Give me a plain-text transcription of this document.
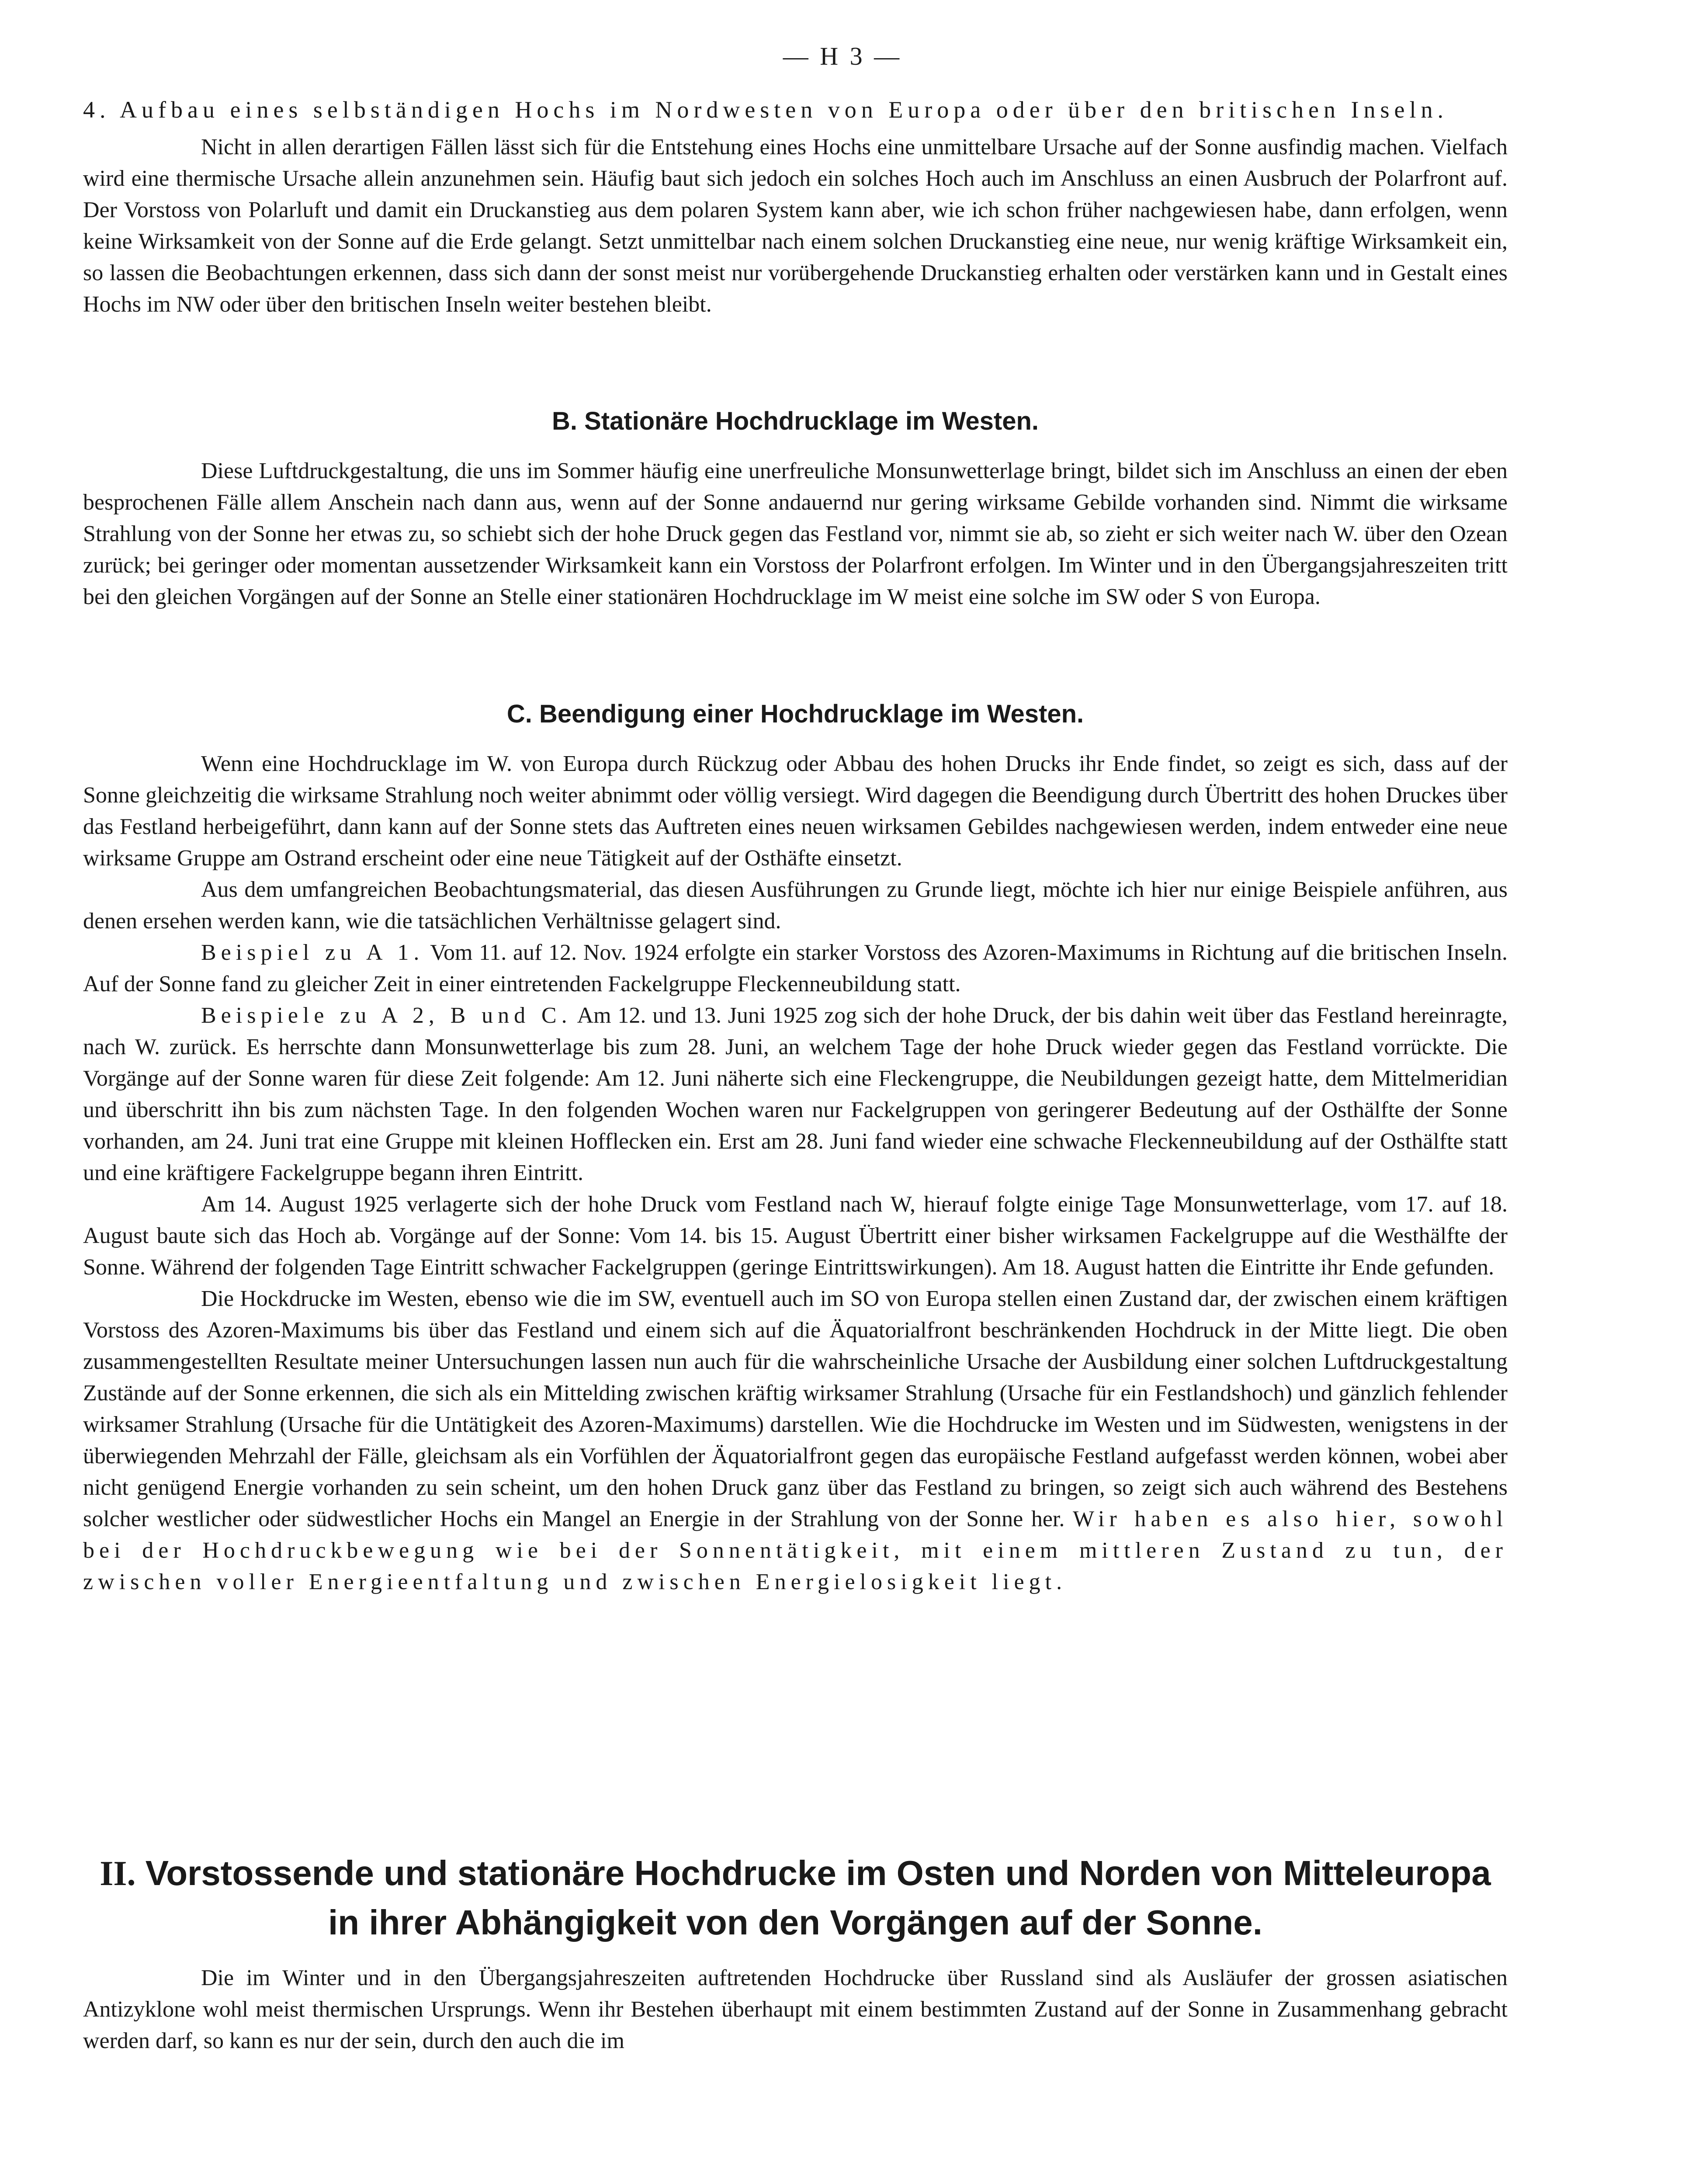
— H 3 —

4. Aufbau eines selbständigen Hochs im Nordwesten von Europa oder über den britischen Inseln.

Nicht in allen derartigen Fällen lässt sich für die Entstehung eines Hochs eine unmittelbare Ursache auf der Sonne ausfindig machen. Vielfach wird eine thermische Ursache allein anzunehmen sein. Häufig baut sich jedoch ein solches Hoch auch im Anschluss an einen Ausbruch der Polarfront auf. Der Vorstoss von Polarluft und damit ein Druckanstieg aus dem polaren System kann aber, wie ich schon früher nachgewiesen habe, dann erfolgen, wenn keine Wirksamkeit von der Sonne auf die Erde gelangt. Setzt unmittelbar nach einem solchen Druckanstieg eine neue, nur wenig kräftige Wirksamkeit ein, so lassen die Beobachtungen erkennen, dass sich dann der sonst meist nur vorübergehende Druckanstieg erhalten oder verstärken kann und in Gestalt eines Hochs im NW oder über den britischen Inseln weiter bestehen bleibt.

B. Stationäre Hochdrucklage im Westen.

Diese Luftdruckgestaltung, die uns im Sommer häufig eine unerfreuliche Monsunwetterlage bringt, bildet sich im Anschluss an einen der eben besprochenen Fälle allem Anschein nach dann aus, wenn auf der Sonne andauernd nur gering wirksame Gebilde vorhanden sind. Nimmt die wirksame Strahlung von der Sonne her etwas zu, so schiebt sich der hohe Druck gegen das Festland vor, nimmt sie ab, so zieht er sich weiter nach W. über den Ozean zurück; bei geringer oder momentan aussetzender Wirksamkeit kann ein Vorstoss der Polarfront erfolgen. Im Winter und in den Übergangsjahreszeiten tritt bei den gleichen Vorgängen auf der Sonne an Stelle einer stationären Hochdrucklage im W meist eine solche im SW oder S von Europa.

C. Beendigung einer Hochdrucklage im Westen.

Wenn eine Hochdrucklage im W. von Europa durch Rückzug oder Abbau des hohen Drucks ihr Ende findet, so zeigt es sich, dass auf der Sonne gleichzeitig die wirksame Strahlung noch weiter abnimmt oder völlig versiegt. Wird dagegen die Beendigung durch Übertritt des hohen Druckes über das Festland herbeigeführt, dann kann auf der Sonne stets das Auftreten eines neuen wirksamen Gebildes nachgewiesen werden, indem entweder eine neue wirksame Gruppe am Ostrand erscheint oder eine neue Tätigkeit auf der Osthäfte einsetzt.

Aus dem umfangreichen Beobachtungsmaterial, das diesen Ausführungen zu Grunde liegt, möchte ich hier nur einige Beispiele anführen, aus denen ersehen werden kann, wie die tatsächlichen Verhältnisse gelagert sind.

Beispiel zu A 1. Vom 11. auf 12. Nov. 1924 erfolgte ein starker Vorstoss des Azoren-Maximums in Richtung auf die britischen Inseln. Auf der Sonne fand zu gleicher Zeit in einer eintretenden Fackelgruppe Fleckenneubildung statt.

Beispiele zu A 2, B und C. Am 12. und 13. Juni 1925 zog sich der hohe Druck, der bis dahin weit über das Festland hereinragte, nach W. zurück. Es herrschte dann Monsunwetterlage bis zum 28. Juni, an welchem Tage der hohe Druck wieder gegen das Festland vorrückte. Die Vorgänge auf der Sonne waren für diese Zeit folgende: Am 12. Juni näherte sich eine Fleckengruppe, die Neubildungen gezeigt hatte, dem Mittelmeridian und überschritt ihn bis zum nächsten Tage. In den folgenden Wochen waren nur Fackelgruppen von geringerer Bedeutung auf der Osthälfte der Sonne vorhanden, am 24. Juni trat eine Gruppe mit kleinen Hofflecken ein. Erst am 28. Juni fand wieder eine schwache Fleckenneubildung auf der Osthälfte statt und eine kräftigere Fackelgruppe begann ihren Eintritt.

Am 14. August 1925 verlagerte sich der hohe Druck vom Festland nach W, hierauf folgte einige Tage Monsunwetterlage, vom 17. auf 18. August baute sich das Hoch ab. Vorgänge auf der Sonne: Vom 14. bis 15. August Übertritt einer bisher wirksamen Fackelgruppe auf die Westhälfte der Sonne. Während der folgenden Tage Eintritt schwacher Fackelgruppen (geringe Eintrittswirkungen). Am 18. August hatten die Eintritte ihr Ende gefunden.

Die Hockdrucke im Westen, ebenso wie die im SW, eventuell auch im SO von Europa stellen einen Zustand dar, der zwischen einem kräftigen Vorstoss des Azoren-Maximums bis über das Festland und einem sich auf die Äquatorialfront beschränkenden Hochdruck in der Mitte liegt. Die oben zusammengestellten Resultate meiner Untersuchungen lassen nun auch für die wahrscheinliche Ursache der Ausbildung einer solchen Luftdruckgestaltung Zustände auf der Sonne erkennen, die sich als ein Mittelding zwischen kräftig wirksamer Strahlung (Ursache für ein Festlandshoch) und gänzlich fehlender wirksamer Strahlung (Ursache für die Untätigkeit des Azoren-Maximums) darstellen. Wie die Hochdrucke im Westen und im Südwesten, wenigstens in der überwiegenden Mehrzahl der Fälle, gleichsam als ein Vorfühlen der Äquatorialfront gegen das europäische Festland aufgefasst werden können, wobei aber nicht genügend Energie vorhanden zu sein scheint, um den hohen Druck ganz über das Festland zu bringen, so zeigt sich auch während des Bestehens solcher westlicher oder südwestlicher Hochs ein Mangel an Energie in der Strahlung von der Sonne her. Wir haben es also hier, sowohl bei der Hochdruckbewegung wie bei der Sonnentätigkeit, mit einem mittleren Zustand zu tun, der zwischen voller Energieentfaltung und zwischen Energielosigkeit liegt.

II. Vorstossende und stationäre Hochdrucke im Osten und Norden von Mitteleuropa in ihrer Abhängigkeit von den Vorgängen auf der Sonne.

Die im Winter und in den Übergangsjahreszeiten auftretenden Hochdrucke über Russland sind als Ausläufer der grossen asiatischen Antizyklone wohl meist thermischen Ursprungs. Wenn ihr Bestehen überhaupt mit einem bestimmten Zustand auf der Sonne in Zusammenhang gebracht werden darf, so kann es nur der sein, durch den auch die im
